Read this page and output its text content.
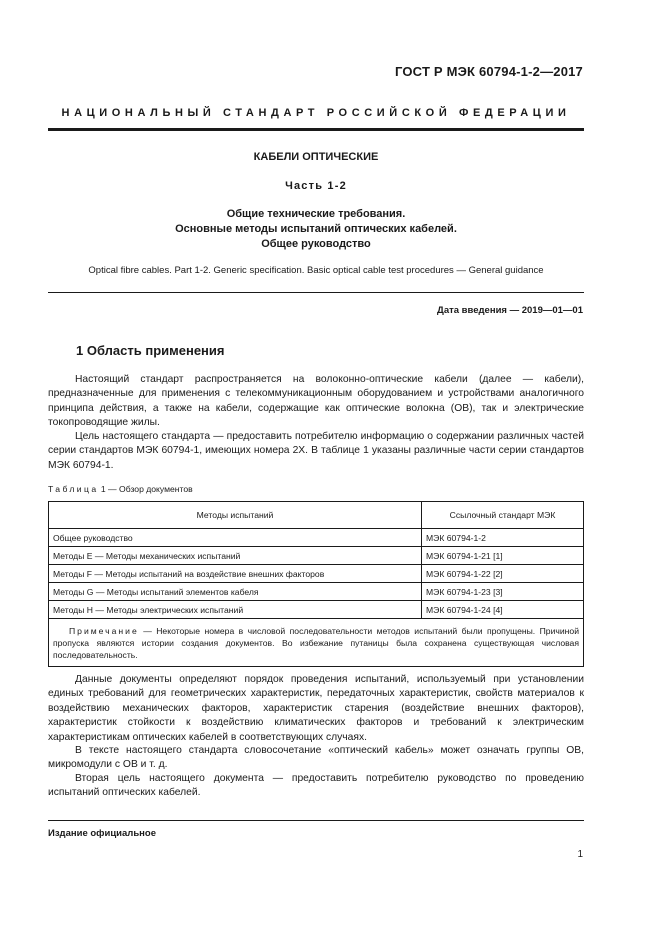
ГОСТ Р МЭК 60794-1-2—2017
НАЦИОНАЛЬНЫЙ СТАНДАРТ РОССИЙСКОЙ ФЕДЕРАЦИИ
КАБЕЛИ ОПТИЧЕСКИЕ
Часть 1-2
Общие технические требования.
Основные методы испытаний оптических кабелей.
Общее руководство
Optical fibre cables. Part 1-2. Generic specification. Basic optical cable test procedures — General guidance
Дата введения — 2019—01—01
1 Область применения
Настоящий стандарт распространяется на волоконно-оптические кабели (далее — кабели), предназначенные для применения с телекоммуникационным оборудованием и устройствами аналогичного принципа действия, а также на кабели, содержащие как оптические волокна (ОВ), так и электрические токопроводящие жилы.
Цель настоящего стандарта — предоставить потребителю информацию о содержании различных частей серии стандартов МЭК 60794-1, имеющих номера 2X. В таблице 1 указаны различные части серии стандартов МЭК 60794-1.
Таблица 1 — Обзор документов
Методы испытаний	Ссылочный стандарт МЭК
Общее руководство	МЭК 60794-1-2
Методы Е — Методы механических испытаний	МЭК 60794-1-21 [1]
Методы F — Методы испытаний на воздействие внешних факторов	МЭК 60794-1-22 [2]
Методы G — Методы испытаний элементов кабеля	МЭК 60794-1-23 [3]
Методы Н — Методы электрических испытаний	МЭК 60794-1-24 [4]
Примечание — Некоторые номера в числовой последовательности методов испытаний были пропущены. Причиной пропуска являются истории создания документов. Во избежание путаницы была сохранена существующая числовая последовательность.	
Данные документы определяют порядок проведения испытаний, используемый при установлении единых требований для геометрических характеристик, передаточных характеристик, свойств материалов к воздействию механических факторов, характеристик старения (воздействие внешних факторов), характеристик стойкости к воздействию климатических факторов и требований к электрическим характеристикам оптических кабелей в соответствующих случаях.
В тексте настоящего стандарта словосочетание «оптический кабель» может означать группы ОВ, микромодули с ОВ и т. д.
Вторая цель настоящего документа — предоставить потребителю руководство по проведению испытаний оптических кабелей.
Издание официальное
1
